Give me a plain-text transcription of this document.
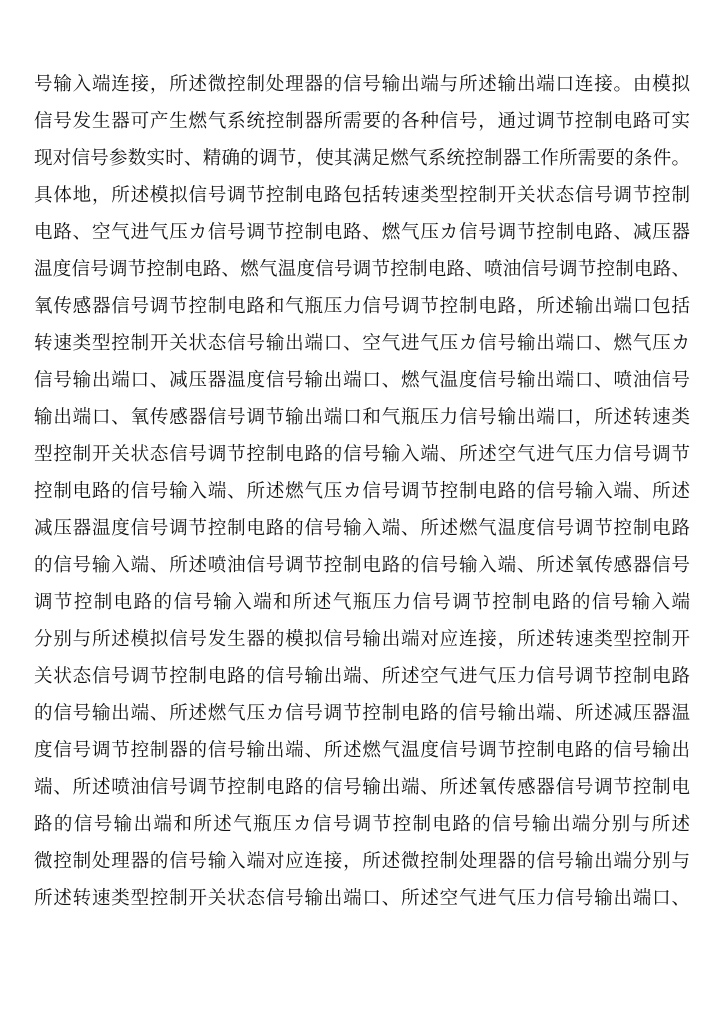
号输入端连接，所述微控制处理器的信号输出端与所述输出端口连接。由模拟
信号发生器可产生燃气系统控制器所需要的各种信号，通过调节控制电路可实
现对信号参数实时、精确的调节，使其满足燃气系统控制器工作所需要的条件。
具体地，所述模拟信号调节控制电路包括转速类型控制开关状态信号调节控制
电路、空气进气压カ信号调节控制电路、燃气压カ信号调节控制电路、减压器
温度信号调节控制电路、燃气温度信号调节控制电路、喷油信号调节控制电路、
氧传感器信号调节控制电路和气瓶压力信号调节控制电路，所述输出端口包括
转速类型控制开关状态信号输出端口、空气进气压カ信号输出端口、燃气压カ
信号输出端口、减压器温度信号输出端口、燃气温度信号输出端口、喷油信号
输出端口、氧传感器信号调节输出端口和气瓶压力信号输出端口，所述转速类
型控制开关状态信号调节控制电路的信号输入端、所述空气进气压力信号调节
控制电路的信号输入端、所述燃气压カ信号调节控制电路的信号输入端、所述
减压器温度信号调节控制电路的信号输入端、所述燃气温度信号调节控制电路
的信号输入端、所述喷油信号调节控制电路的信号输入端、所述氧传感器信号
调节控制电路的信号输入端和所述气瓶压力信号调节控制电路的信号输入端
分别与所述模拟信号发生器的模拟信号输出端对应连接，所述转速类型控制开
关状态信号调节控制电路的信号输出端、所述空气进气压力信号调节控制电路
的信号输出端、所述燃气压カ信号调节控制电路的信号输出端、所述减压器温
度信号调节控制器的信号输出端、所述燃气温度信号调节控制电路的信号输出
端、所述喷油信号调节控制电路的信号输出端、所述氧传感器信号调节控制电
路的信号输出端和所述气瓶压カ信号调节控制电路的信号输出端分别与所述
微控制处理器的信号输入端对应连接，所述微控制处理器的信号输出端分别与
所述转速类型控制开关状态信号输出端口、所述空气进气压力信号输出端口、
